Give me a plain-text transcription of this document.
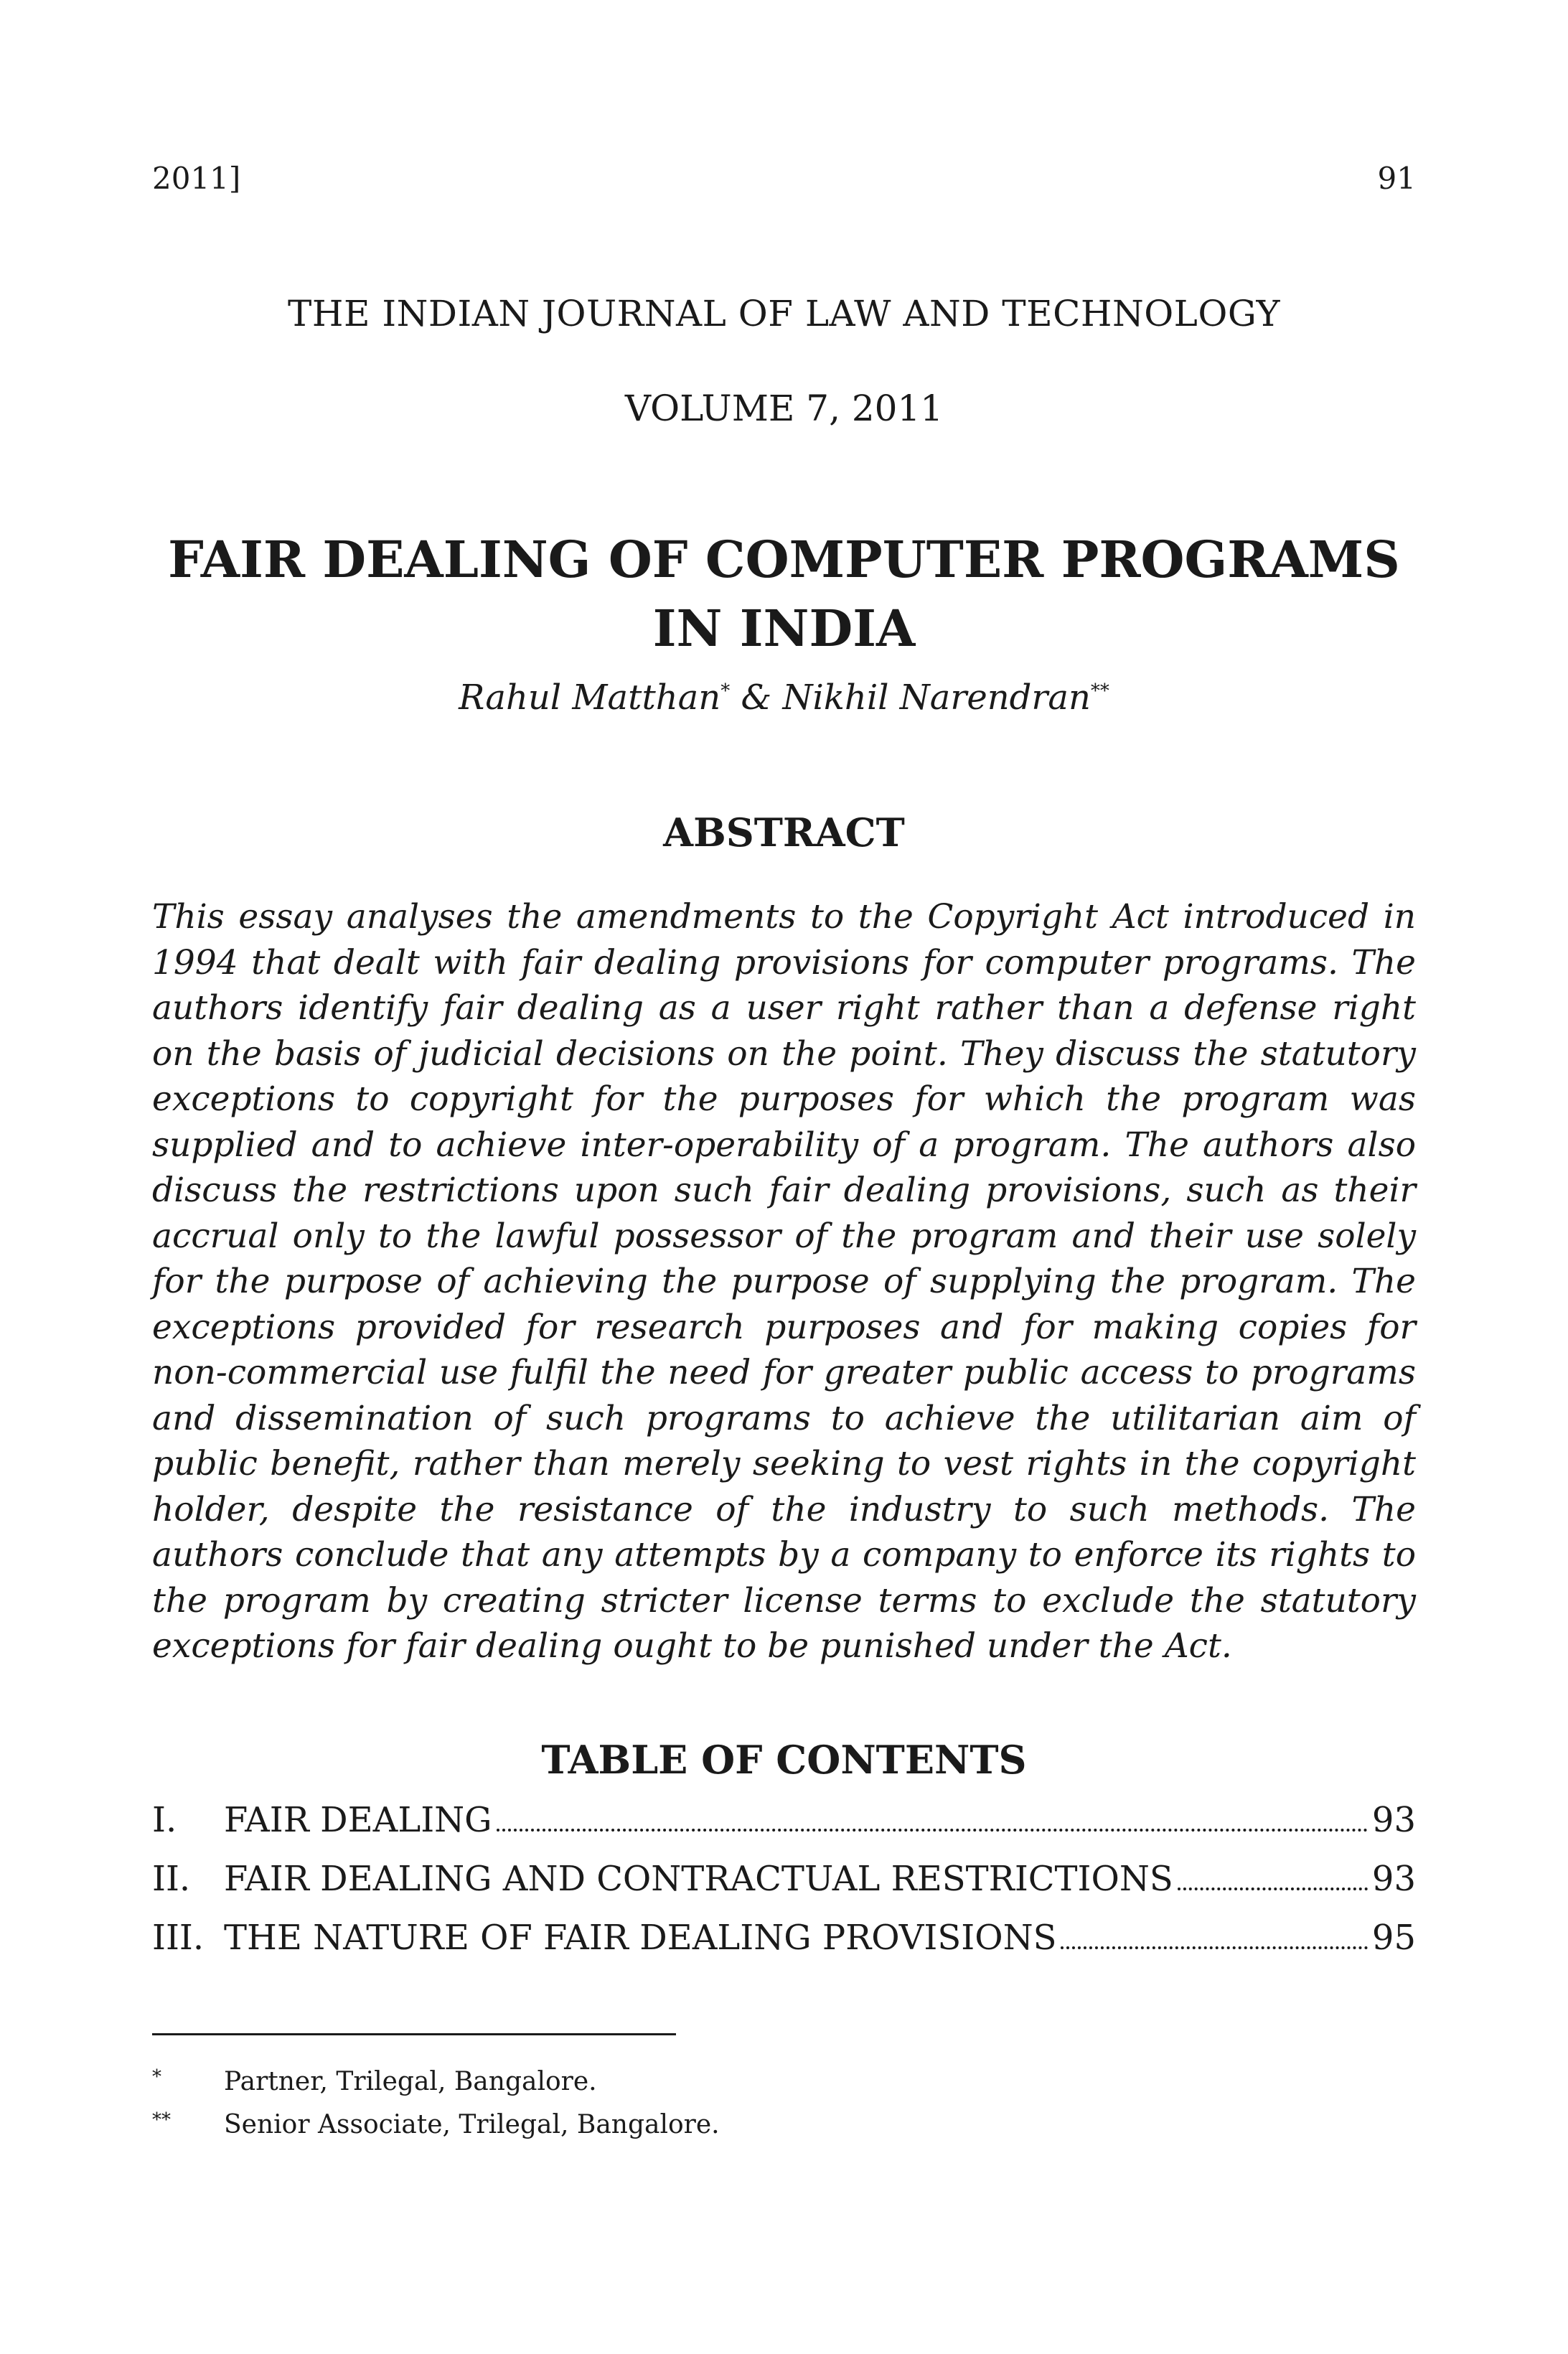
2011]	91
THE INDIAN JOURNAL OF LAW AND TECHNOLOGY
VOLUME 7, 2011
FAIR DEALING OF COMPUTER PROGRAMS IN INDIA
Rahul Matthan* & Nikhil Narendran**
ABSTRACT

This essay analyses the amendments to the Copyright Act introduced in 1994 that dealt with fair dealing provisions for computer programs. The authors identify fair dealing as a user right rather than a defense right on the basis of judicial decisions on the point. They discuss the statutory exceptions to copyright for the purposes for which the program was supplied and to achieve inter-operability of a program. The authors also discuss the restrictions upon such fair dealing provisions, such as their accrual only to the lawful possessor of the program and their use solely for the purpose of achieving the purpose of supplying the program. The exceptions provided for research purposes and for making copies for non-commercial use fulfil the need for greater public access to programs and dissemination of such programs to achieve the utilitarian aim of public benefit, rather than merely seeking to vest rights in the copyright holder, despite the resistance of the industry to such methods. The authors conclude that any attempts by a company to enforce its rights to the program by creating stricter license terms to exclude the statutory exceptions for fair dealing ought to be punished under the Act.

TABLE OF CONTENTS
I.	FAIR DEALING	93
II. FAIR DEALING AND CONTRACTUAL RESTRICTIONS	93
III. THE NATURE OF FAIR DEALING PROVISIONS	95
*	Partner, Trilegal, Bangalore.
**	Senior Associate, Trilegal, Bangalore.
